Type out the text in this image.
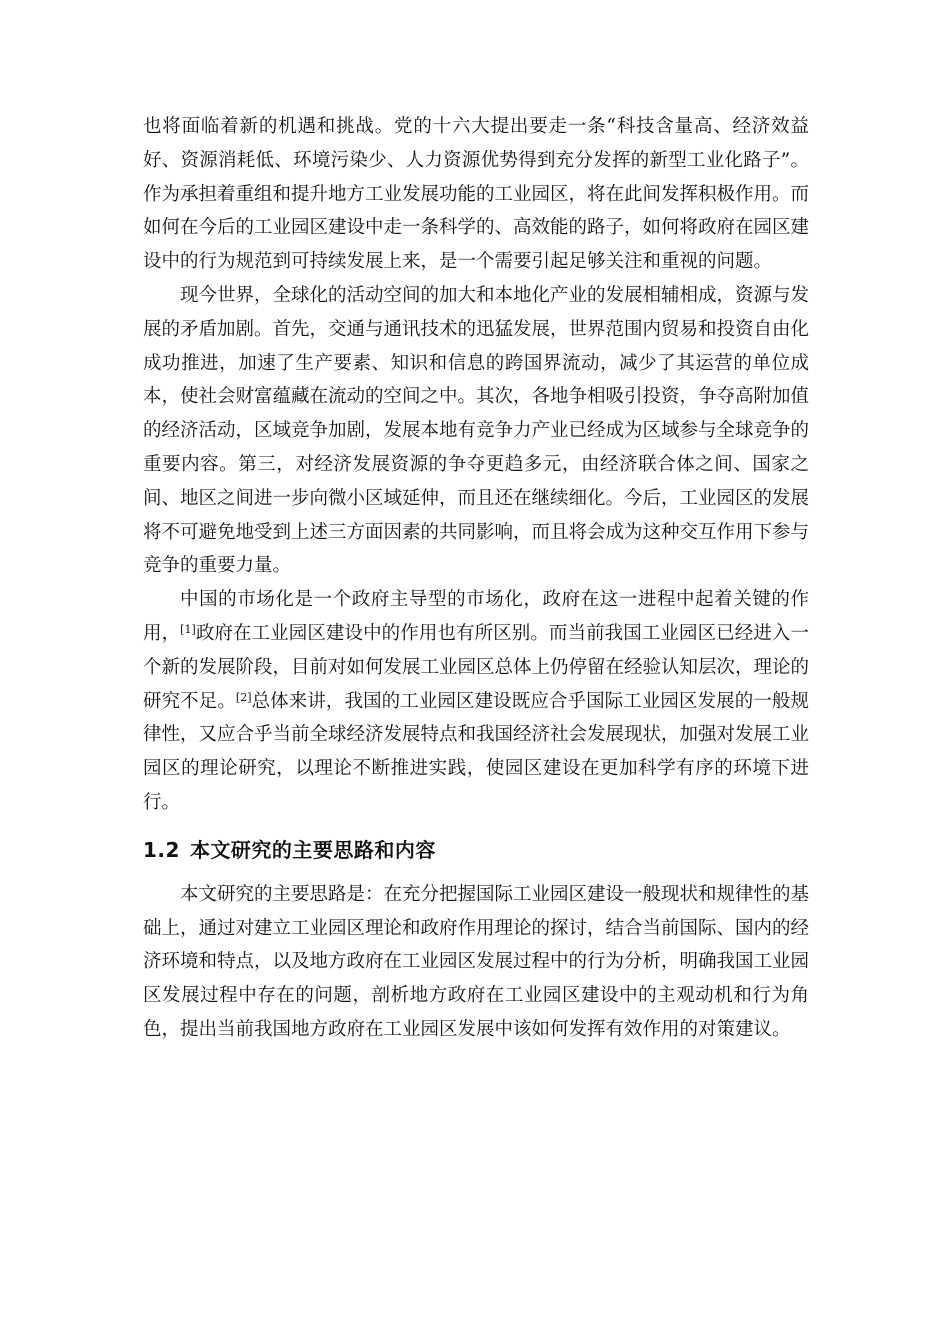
也将面临着新的机遇和挑战。党的十六大提出要走一条“科技含量高、经济效益好、资源消耗低、环境污染少、人力资源优势得到充分发挥的新型工业化路子”。作为承担着重组和提升地方工业发展功能的工业园区，将在此间发挥积极作用。而如何在今后的工业园区建设中走一条科学的、高效能的路子，如何将政府在园区建设中的行为规范到可持续发展上来，是一个需要引起足够关注和重视的问题。

现今世界，全球化的活动空间的加大和本地化产业的发展相辅相成，资源与发展的矛盾加剧。首先，交通与通讯技术的迅猛发展，世界范围内贸易和投资自由化成功推进，加速了生产要素、知识和信息的跨国界流动，减少了其运营的单位成本，使社会财富蕴藏在流动的空间之中。其次，各地争相吸引投资，争夺高附加值的经济活动，区域竞争加剧，发展本地有竞争力产业已经成为区域参与全球竞争的重要内容。第三，对经济发展资源的争夺更趋多元，由经济联合体之间、国家之间、地区之间进一步向微小区域延伸，而且还在继续细化。今后，工业园区的发展将不可避免地受到上述三方面因素的共同影响，而且将会成为这种交互作用下参与竞争的重要力量。

中国的市场化是一个政府主导型的市场化，政府在这一进程中起着关键的作用，[1]政府在工业园区建设中的作用也有所区别。而当前我国工业园区已经进入一个新的发展阶段，目前对如何发展工业园区总体上仍停留在经验认知层次，理论的研究不足。[2]总体来讲，我国的工业园区建设既应合乎国际工业园区发展的一般规律性，又应合乎当前全球经济发展特点和我国经济社会发展现状，加强对发展工业园区的理论研究，以理论不断推进实践，使园区建设在更加科学有序的环境下进行。

1.2 本文研究的主要思路和内容

本文研究的主要思路是：在充分把握国际工业园区建设一般现状和规律性的基础上，通过对建立工业园区理论和政府作用理论的探讨，结合当前国际、国内的经济环境和特点，以及地方政府在工业园区发展过程中的行为分析，明确我国工业园区发展过程中存在的问题，剖析地方政府在工业园区建设中的主观动机和行为角色，提出当前我国地方政府在工业园区发展中该如何发挥有效作用的对策建议。
